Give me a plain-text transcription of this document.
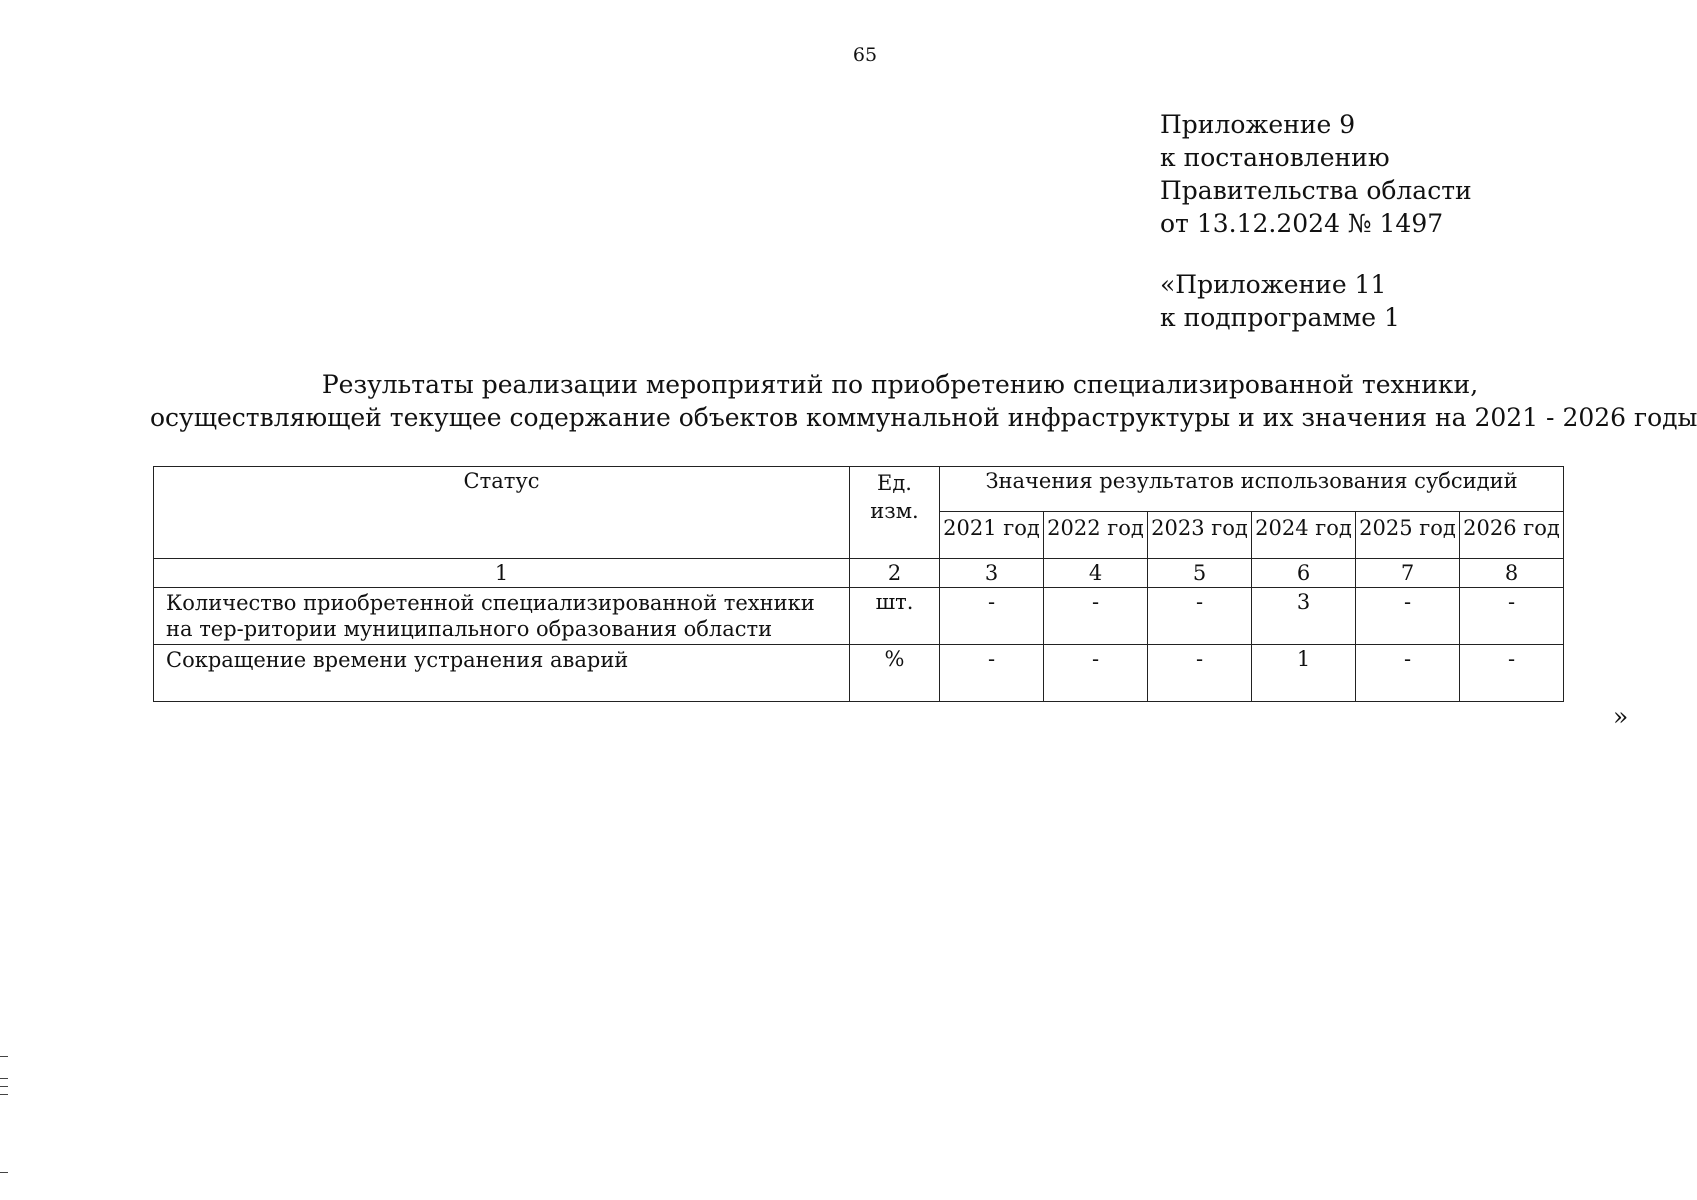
65
Приложение 9
к постановлению
Правительства области
от 13.12.2024 № 1497
«Приложение 11
к подпрограмме 1
Результаты реализации мероприятий по приобретению специализированной техники,
осуществляющей текущее содержание объектов коммунальной инфраструктуры и их значения на 2021 - 2026 годы
Статус	Ед. изм.	Значения результатов использования субсидий					
		2021 год	2022 год	2023 год	2024 год	2025 год	2026 год
1	2	3	4	5	6	7	8
Количество приобретенной специализированной техники на тер-ритории муниципального образования области	шт.	-	-	-	3	-	-
Сокращение времени устранения аварий	%	-	-	-	1	-	-
»
